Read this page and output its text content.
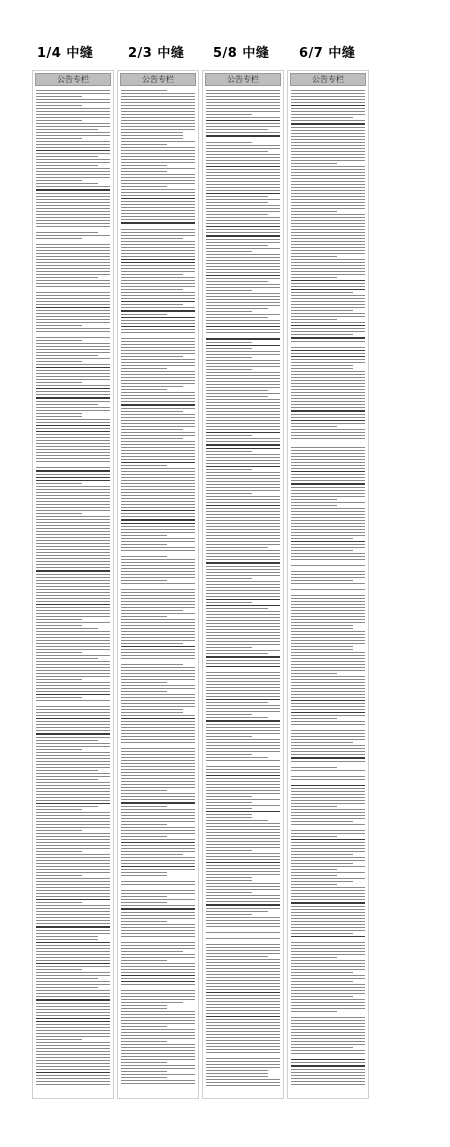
1/4 中缝	2/3 中缝 5/8 中缝 6/7 中缝
公告专栏	公告专栏	公告专栏	公告专栏
